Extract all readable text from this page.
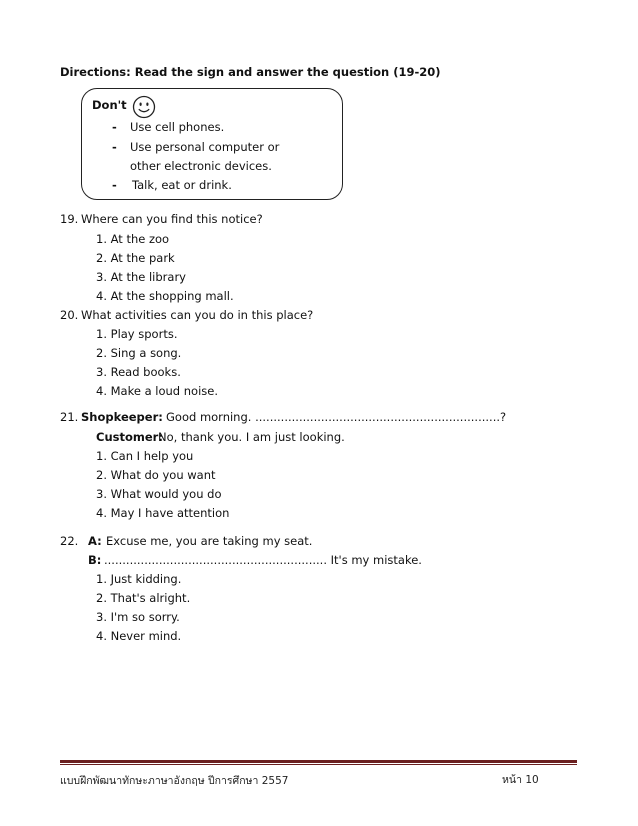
Directions: Read the sign and answer the question (19-20)
Don't
- Use cell phones.
- Use personal computer or
other electronic devices.
- Talk, eat or drink.
19. Where can you find this notice?
1. At the zoo
2. At the park
3. At the library
4. At the shopping mall.
20. What activities can you do in this place?
1. Play sports.
2. Sing a song.
3. Read books.
4. Make a loud noise.
21. Shopkeeper: Good morning. ...................................................................?
Customer:
No, thank you. I am just looking.
1. Can I help you
2. What do you want
3. What would you do
4. May I have attention
22. A: Excuse me, you are taking my seat.
B: ............................................................. It's my mistake.
1. Just kidding.
2. That's alright.
3. I'm so sorry.
4. Never mind.
แบบฝึกพัฒนาทักษะภาษาอังกฤษ ปีการศึกษา 2557	หน้า 10
